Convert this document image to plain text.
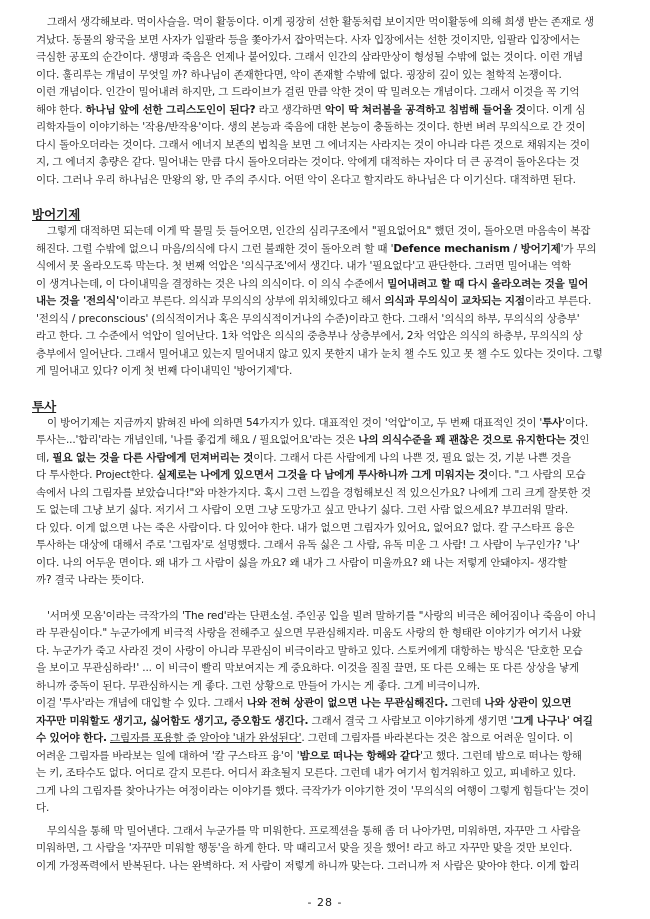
그래서 생각해보라. 먹이사슬을. 먹이 활동이다. 이게 굉장히 선한 활동처럼 보이지만 먹이활동에 의해 희생 받는 존재로 생
겨났다. 동물의 왕국을 보면 사자가 임팔라 등을 쫓아가서 잡아먹는다. 사자 입장에서는 선한 것이지만, 임팔라 입장에서는
극심한 공포의 순간이다. 생명과 죽음은 언제나 붙어있다. 그래서 인간의 삼라만상이 형성될 수밖에 없는 것이다. 이런 개념
이다. 훌리루는 개념이 무엇일 까? 하나님이 존재한다면, 악이 존재할 수밖에 없다. 굉장히 깊이 있는 철학적 논쟁이다.
이런 개념이다. 인간이 밀어내려 하지만, 그 드라이브가 걸린 만큼 악한 것이 딱 밀려오는 개념이다. 그래서 이것을 꼭 기억
해야 한다. 하나님 앞에 선한 그리스도인이 된다? 라고 생각하면 악이 딱 쳐러봄을 공격하고 침범해 들어올 것이다. 이게 심
리학자들이 이야기하는 '작용/반작용'이다. 생의 본능과 죽음에 대한 본능이 충돌하는 것이다. 한번 벼려 무의식으로 간 것이
다시 돌아오더라는 것이다. 그래서 에너지 보존의 법칙을 보면 그 에너지는 사라지는 것이 아니라 다른 것으로 채워지는 것이
지, 그 에너지 총량은 같다. 밀어내는 만큼 다시 돌아오더라는 것이다. 악에게 대적하는 자이다 더 큰 공격이 돌아온다는 것
이다. 그러나 우리 하나님은 만왕의 왕, 만 주의 주시다. 어떤 악이 온다고 할지라도 하나님은 다 이기신다. 대적하면 된다.
방어기제
그렇게 대적하면 되는데 이게 딱 물밀 듯 들어오면, 인간의 심리구조에서 "필요없어요" 했던 것이, 돌아오면 마음속이 복잡
해진다. 그럴 수밖에 없으니 마음/의식에 다시 그런 불쾌한 것이 돌아오려 할 때 'Defence mechanism / 방어기제'가 무의
식에서 못 올라오도록 막는다. 첫 번째 억압은 '의식구조'에서 생긴다. 내가 '필요없다'고 판단한다. 그러면 밀어내는 역학
이 생겨나는데, 이 다이내믹을 결정하는 것은 나의 의식이다. 이 의식 수준에서 밀어내려고 할 때 다시 올라오려는 것을 밀어
내는 것을 '전의식'이라고 부른다. 의식과 무의식의 상부에 위치해있다고 해서 의식과 무의식이 교차되는 지점이라고 부른다.
'전의식 / preconscious' (의식적이거나 혹은 무의식적이거나의 수준)이라고 한다. 그래서 '의식의 하부, 무의식의 상층부'
라고 한다. 그 수준에서 억압이 일어난다. 1차 억압은 의식의 중층부나 상층부에서, 2차 억압은 의식의 하층부, 무의식의 상
층부에서 일어난다. 그래서 밀어내고 있는지 밀어내지 않고 있지 못한지 내가 눈치 챌 수도 있고 못 챌 수도 있다는 것이다. 그렇
게 밀어내고 있다? 이게 첫 번째 다이내믹인 '방어기제'다.
투사
이 방어기제는 지금까지 밝혀진 바에 의하면 54가지가 있다. 대표적인 것이 '억압'이고, 두 번째 대표적인 것이 '투사'이다.
투사는...'합리'라는 개념인데, '나를 좋겁게 해요 / 필요없어요'라는 것은 나의 의식수준을 꽤 괜찮은 것으로 유지한다는 것인
데, 필요 없는 것을 다른 사람에게 던져버리는 것이다. 그래서 다른 사람에게 나의 나쁜 것, 필요 없는 것, 기분 나쁜 것을
다 투사한다. Project한다. 실제로는 나에게 있으면서 그것을 다 남에게 투사하니까 그게 미워지는 것이다. "그 사람의 모습
속에서 나의 그림자를 보았습니다!"와 마찬가지다. 혹시 그런 느낌을 경험해보신 적 있으신가요? 나에게 그리 크게 잘못한 것
도 없는데 그냥 보기 싫다. 저기서 그 사람이 오면 그냥 도망가고 싶고 만나기 싫다. 그런 사람 없으세요? 부끄러워 말라.
다 있다. 이게 없으면 나는 죽은 사람이다. 다 있어야 한다. 내가 없으면 그림자가 있어요, 없어요? 없다. 칼 구스타프 융은
투사하는 대상에 대해서 주로 '그림자'로 설명했다. 그래서 유독 싫은 그 사람, 유독 미운 그 사람! 그 사람이 누구인가? '나'
이다. 나의 어두운 면이다. 왜 내가 그 사람이 싫을 까요? 왜 내가 그 사람이 미울까요? 왜 나는 저렇게 안돼야지- 생각할
까? 결국 나라는 뜻이다.
'서머셋 모옴'이라는 극작가의 'The red'라는 단편소설. 주인공 입을 빌려 말하기를 "사랑의 비극은 헤어짐이나 죽음이 아니
라 무관심이다." 누군가에게 비극적 사랑을 전해주고 싶으면 무관심해지라. 미움도 사랑의 한 형태란 이야기가 여기서 나왔
다. 누군가가 죽고 사라진 것이 사랑이 아니라 무관심이 비극이라고 말하고 있다. 스토커에게 대항하는 방식은 '단호한 모습
을 보이고 무관심하라!' ... 이 비극이 빨리 막보여지는 게 중요하다. 이것을 질질 끌면, 또 다른 오해는 또 다른 상상을 낳게
하니까 중독이 된다. 무관심하시는 게 좋다. 그런 상황으로 만들어 가시는 게 좋다. 그게 비극이니까.
이걸 '투사'라는 개념에 대입할 수 있다. 그래서 나와 전혀 상관이 없으면 나는 무관심해진다. 그런데 나와 상관이 있으면
자꾸만 미워할도 생기고, 싫어함도 생기고, 증오함도 생긴다. 그래서 결국 그 사람보고 이야기하게 생기면 '그게 나구나' 여길
수 있어야 한다. 그림자를 포용할 줄 알아야 '내가 완성된다'. 그런데 그림자를 바라본다는 것은 참으로 어려운 일이다. 이
어려운 그림자를 바라보는 일에 대하여 '칼 구스타프 융'이 '밤으로 떠나는 항해와 같다'고 했다. 그런데 밤으로 떠나는 항해
는 키, 조타수도 없다. 어디로 갈지 모른다. 어디서 좌초될지 모른다. 그런데 내가 여기서 힘겨워하고 있고, 피네하고 있다.
그게 나의 그림자를 찾아나가는 여정이라는 이야기를 했다. 극작가가 이야기한 것이 '무의식의 여행이 그렇게 힘들다'는 것이
다.
무의식을 통해 막 밀어낸다. 그래서 누군가를 막 미워한다. 프로젝션을 통해 좀 더 나아가면, 미워하면, 자꾸만 그 사람을
미워하면, 그 사람을 '자꾸만 미워할 행동'을 하게 한다. 막 때리고서 맞을 짓을 했어! 라고 하고 자꾸만 맞을 것만 보인다.
이게 가정폭력에서 반복된다. 나는 완벽하다. 저 사람이 저렇게 하니까 맞는다. 그러니까 저 사람은 맞아야 한다. 이게 합리
- 28 -
